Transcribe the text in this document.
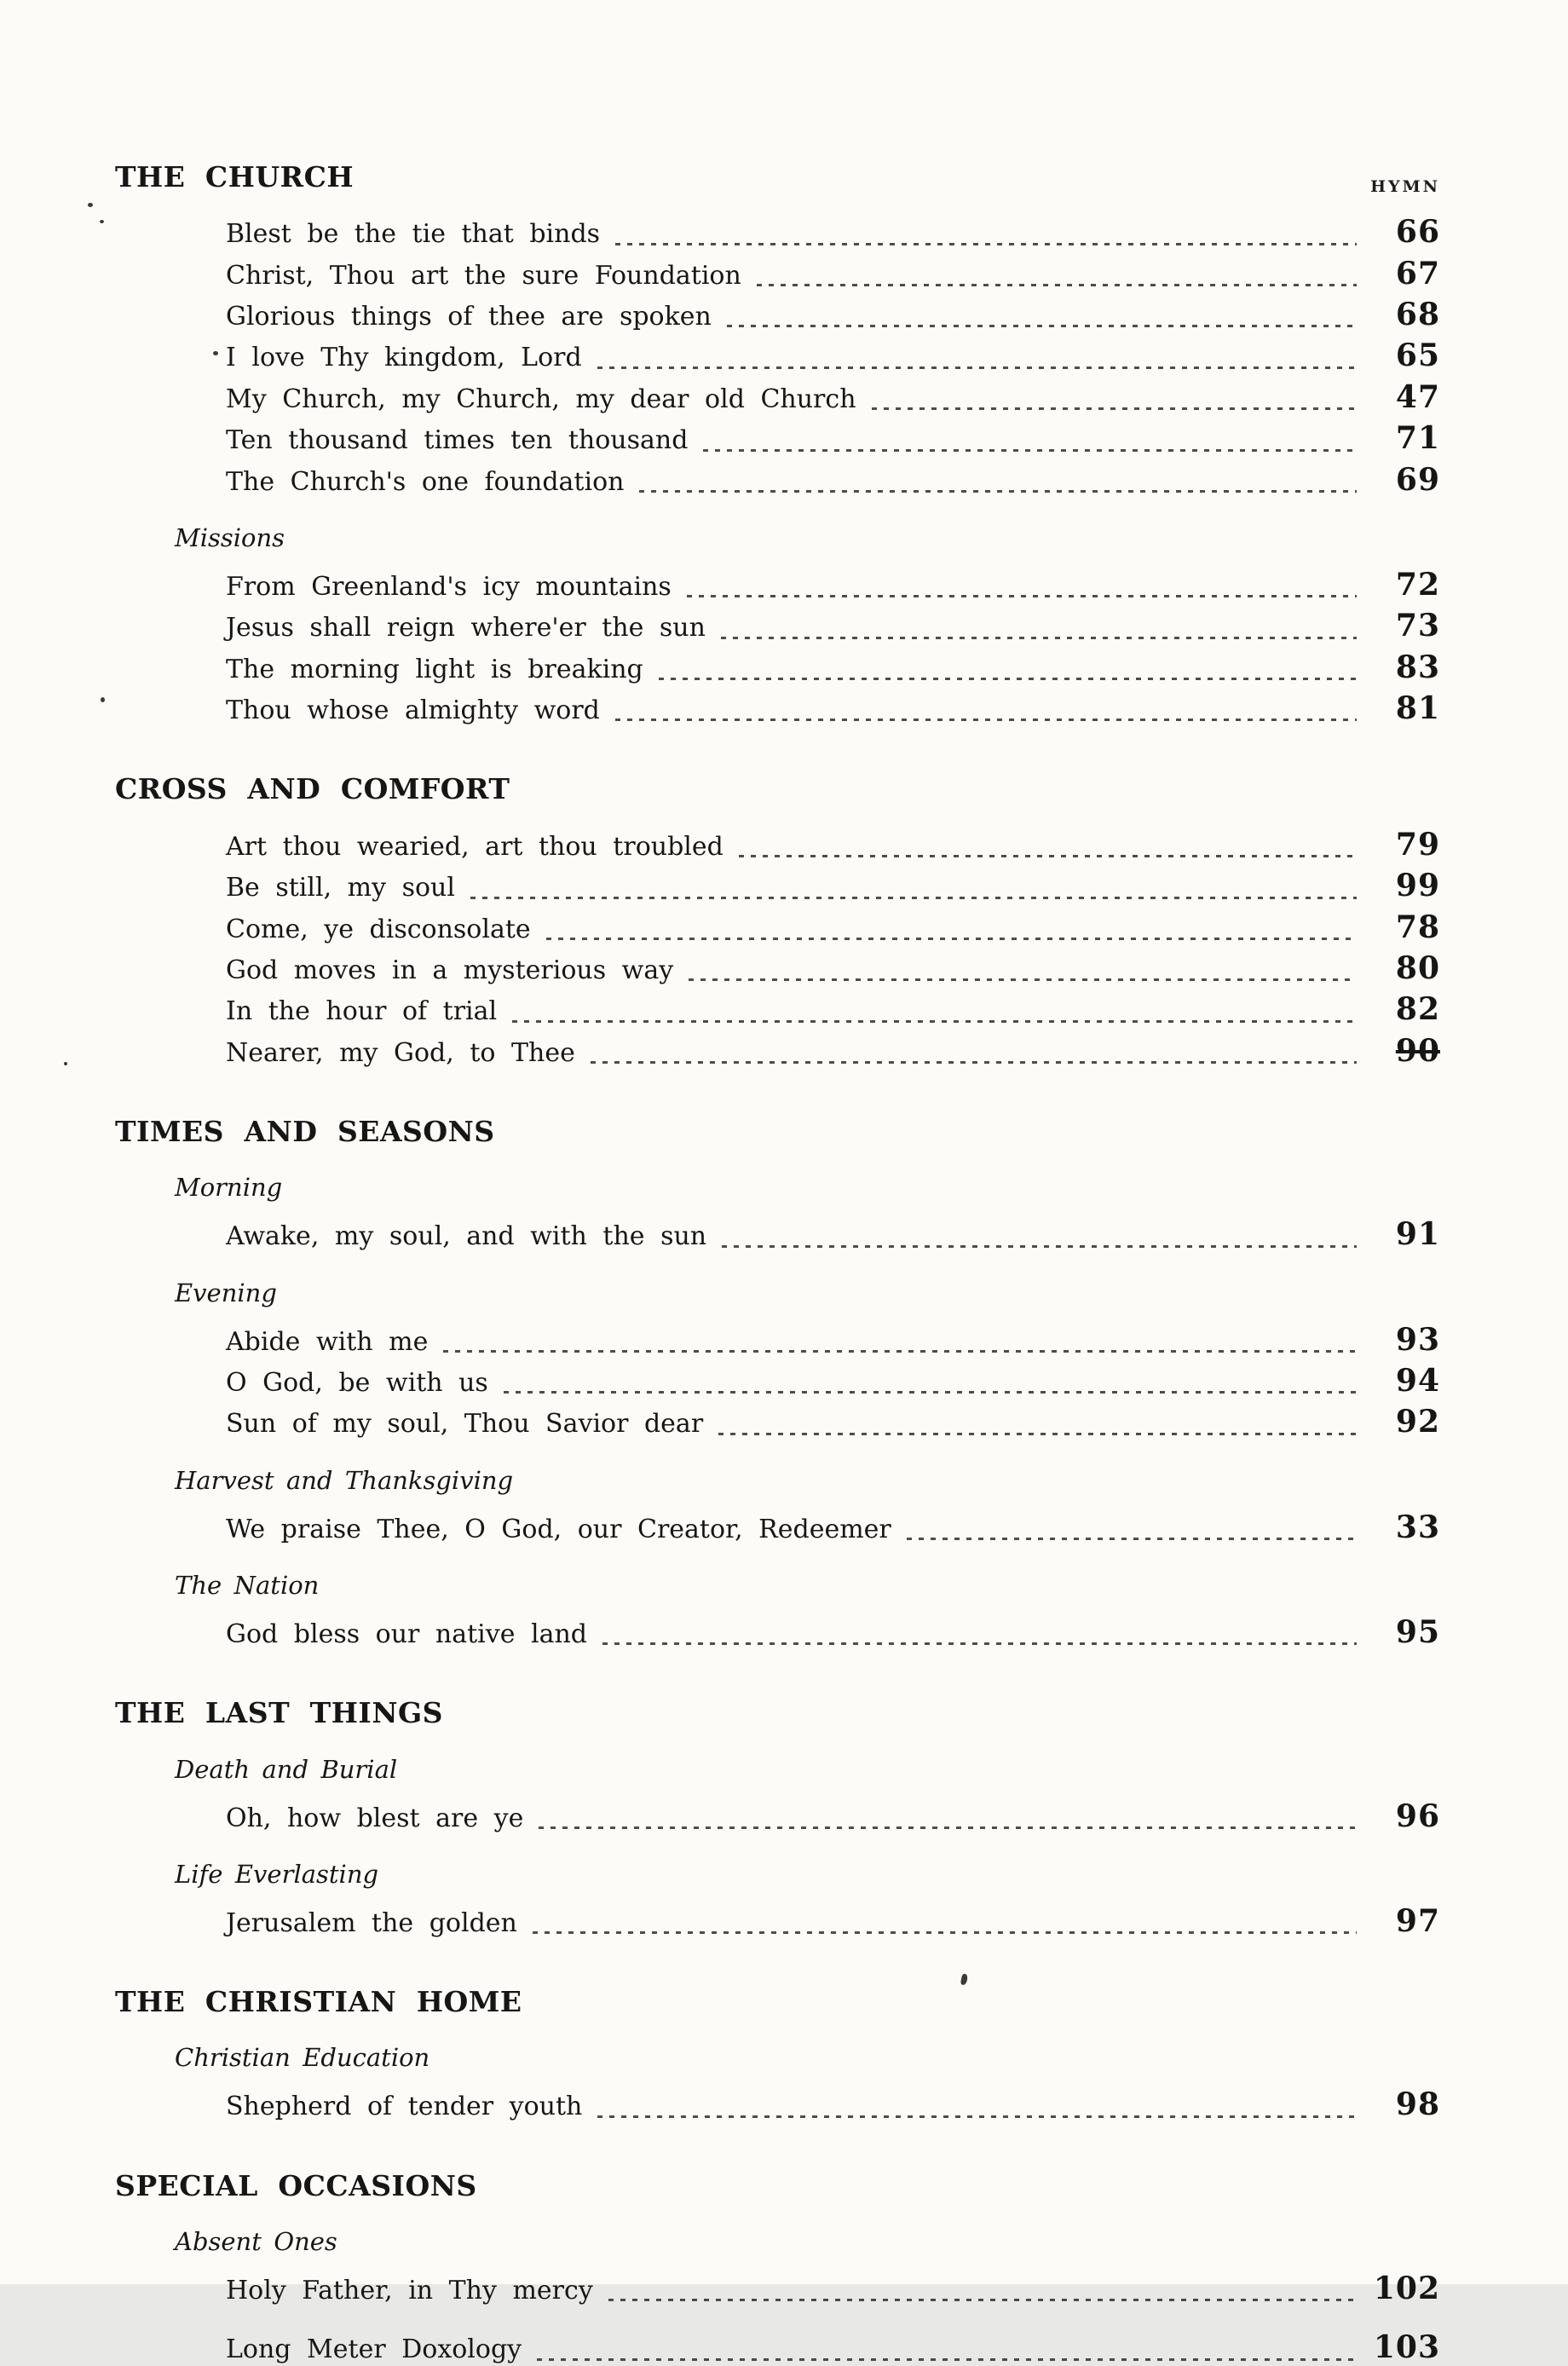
HYMN
THE CHURCH
Blest be the tie that binds	66
Christ, Thou art the sure Foundation	67
Glorious things of thee are spoken	68
I love Thy kingdom, Lord	65
My Church, my Church, my dear old Church	47
Ten thousand times ten thousand	71
The Church's one foundation	69
Missions
From Greenland's icy mountains	72
Jesus shall reign where'er the sun	73
The morning light is breaking	83
Thou whose almighty word	81
CROSS AND COMFORT
Art thou wearied, art thou troubled	79
Be still, my soul	99
Come, ye disconsolate	78
God moves in a mysterious way	80
In the hour of trial	82
Nearer, my God, to Thee	90
TIMES AND SEASONS
Morning
Awake, my soul, and with the sun	91
Evening
Abide with me	93
O God, be with us	94
Sun of my soul, Thou Savior dear	92
Harvest and Thanksgiving
We praise Thee, O God, our Creator, Redeemer	33
The Nation
God bless our native land	95
THE LAST THINGS
Death and Burial
Oh, how blest are ye	96
Life Everlasting
Jerusalem the golden	97
THE CHRISTIAN HOME
Christian Education
Shepherd of tender youth	98
SPECIAL OCCASIONS
Absent Ones
Holy Father, in Thy mercy	102
Long Meter Doxology	103
